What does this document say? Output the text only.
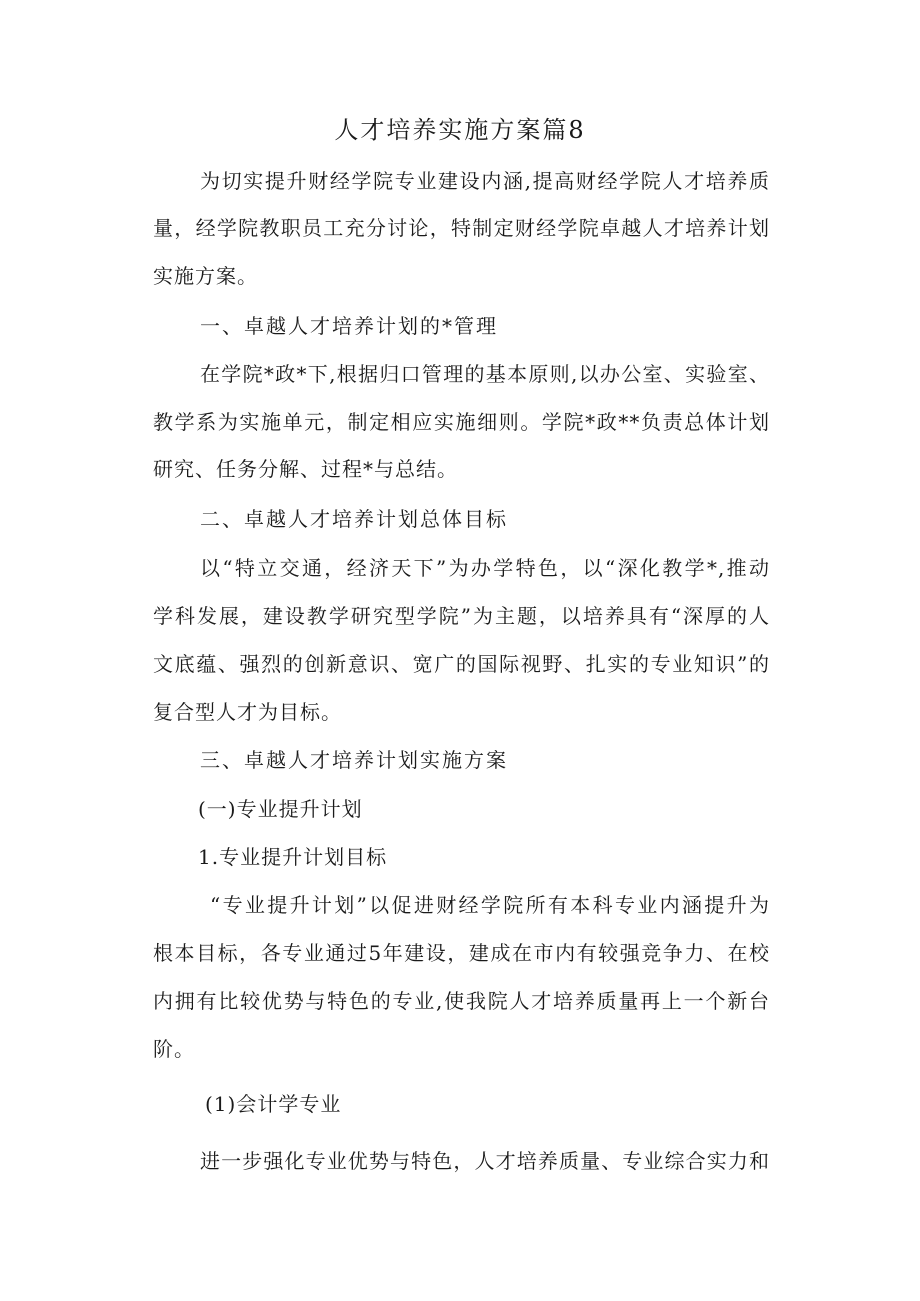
人才培养实施方案篇8
为切实提升财经学院专业建设内涵,提高财经学院人才培养质
量，经学院教职员工充分讨论，特制定财经学院卓越人才培养计划
实施方案。
一、卓越人才培养计划的*管理
在学院*政*下,根据归口管理的基本原则,以办公室、实验室、
教学系为实施单元，制定相应实施细则。学院*政**负责总体计划
研究、任务分解、过程*与总结。
二、卓越人才培养计划总体目标
以“特立交通，经济天下”为办学特色，以“深化教学*,推动
学科发展，建设教学研究型学院”为主题，以培养具有“深厚的人
文底蕴、强烈的创新意识、宽广的国际视野、扎实的专业知识”的
复合型人才为目标。
三、卓越人才培养计划实施方案
(一)专业提升计划
1.专业提升计划目标
“专业提升计划”以促进财经学院所有本科专业内涵提升为
根本目标，各专业通过5年建设，建成在市内有较强竞争力、在校
内拥有比较优势与特色的专业,使我院人才培养质量再上一个新台
阶。
(1)会计学专业
进一步强化专业优势与特色，人才培养质量、专业综合实力和
